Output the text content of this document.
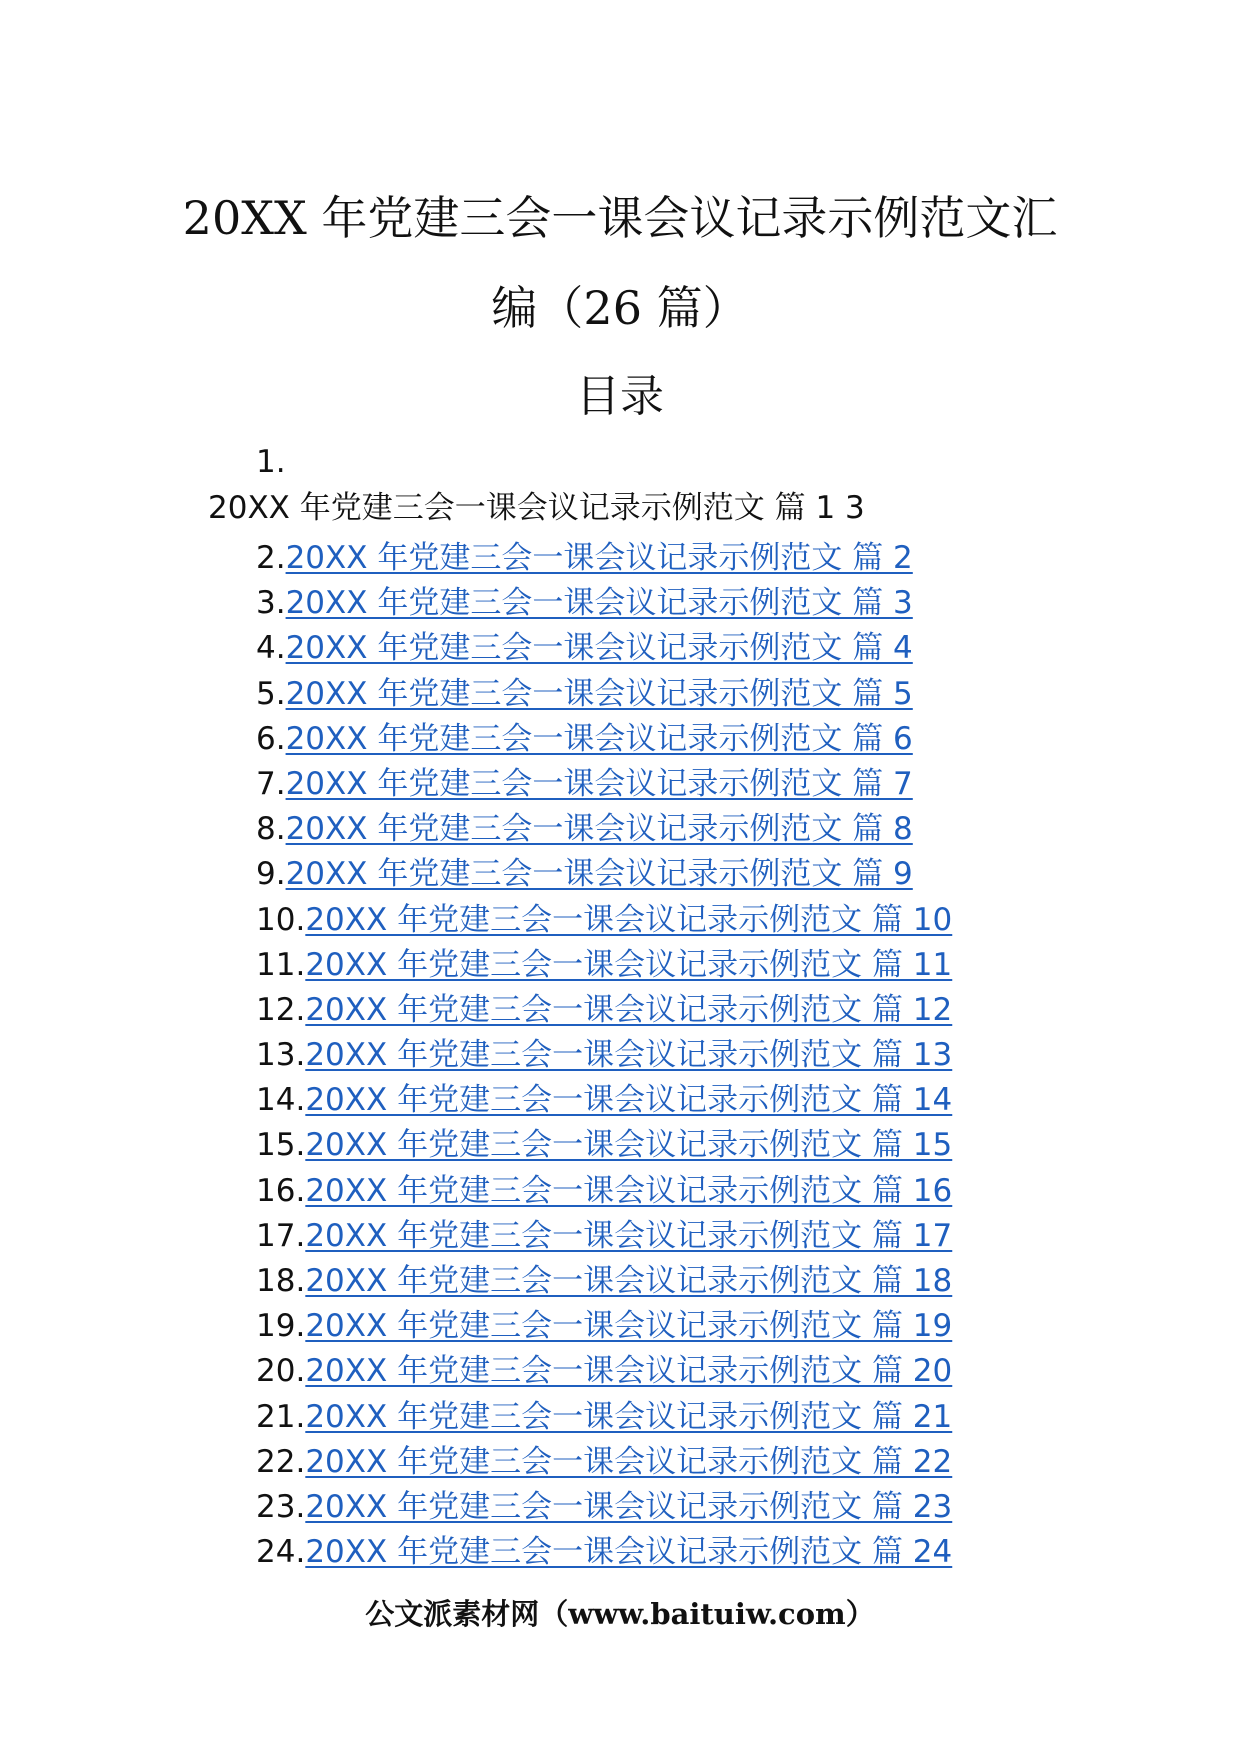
20XX 年党建三会一课会议记录示例范文汇
编（26 篇）
目录
1.
20XX 年党建三会一课会议记录示例范文 篇 1 3
2.20XX 年党建三会一课会议记录示例范文 篇 2
3.20XX 年党建三会一课会议记录示例范文 篇 3
4.20XX 年党建三会一课会议记录示例范文 篇 4
5.20XX 年党建三会一课会议记录示例范文 篇 5
6.20XX 年党建三会一课会议记录示例范文 篇 6
7.20XX 年党建三会一课会议记录示例范文 篇 7
8.20XX 年党建三会一课会议记录示例范文 篇 8
9.20XX 年党建三会一课会议记录示例范文 篇 9
10.20XX 年党建三会一课会议记录示例范文 篇 10
11.20XX 年党建三会一课会议记录示例范文 篇 11
12.20XX 年党建三会一课会议记录示例范文 篇 12
13.20XX 年党建三会一课会议记录示例范文 篇 13
14.20XX 年党建三会一课会议记录示例范文 篇 14
15.20XX 年党建三会一课会议记录示例范文 篇 15
16.20XX 年党建三会一课会议记录示例范文 篇 16
17.20XX 年党建三会一课会议记录示例范文 篇 17
18.20XX 年党建三会一课会议记录示例范文 篇 18
19.20XX 年党建三会一课会议记录示例范文 篇 19
20.20XX 年党建三会一课会议记录示例范文 篇 20
21.20XX 年党建三会一课会议记录示例范文 篇 21
22.20XX 年党建三会一课会议记录示例范文 篇 22
23.20XX 年党建三会一课会议记录示例范文 篇 23
24.20XX 年党建三会一课会议记录示例范文 篇 24
公文派素材网（www.baituiw.com）
